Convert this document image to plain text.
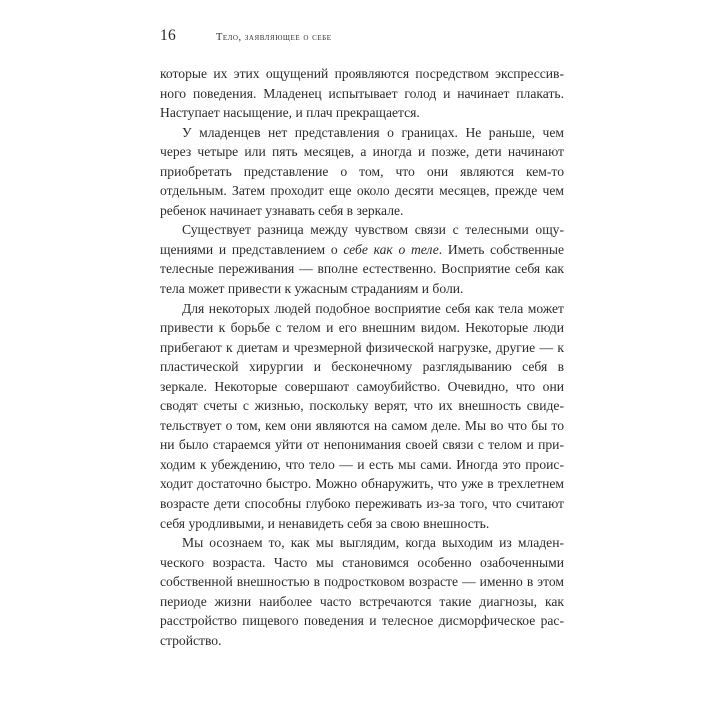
16	тело, заявляющее о себе

которые их этих ощущений проявляются посредством экспрессивного поведения. Младенец испытывает голод и начинает плакать. Наступает насыщение, и плач прекращается.

У младенцев нет представления о границах. Не раньше, чем через четыре или пять месяцев, а иногда и позже, дети начинают приобретать представление о том, что они являются кем-то отдельным. Затем проходит еще около десяти месяцев, прежде чем ребенок начинает узнавать себя в зеркале.

Существует разница между чувством связи с телесными ощущениями и представлением о себе как о теле. Иметь собственные телесные переживания — вполне естественно. Восприятие себя как тела может привести к ужасным страданиям и боли.

Для некоторых людей подобное восприятие себя как тела может привести к борьбе с телом и его внешним видом. Некоторые люди прибегают к диетам и чрезмерной физической нагрузке, другие — к пластической хирургии и бесконечному разглядыванию себя в зеркале. Некоторые совершают самоубийство. Очевидно, что они сводят счеты с жизнью, поскольку верят, что их внешность свидетельствует о том, кем они являются на самом деле. Мы во что бы то ни было стараемся уйти от непонимания своей связи с телом и приходим к убеждению, что тело — и есть мы сами. Иногда это происходит достаточно быстро. Можно обнаружить, что уже в трехлетнем возрасте дети способны глубоко переживать из-за того, что считают себя уродливыми, и ненавидеть себя за свою внешность.

Мы осознаем то, как мы выглядим, когда выходим из младенческого возраста. Часто мы становимся особенно озабоченными собственной внешностью в подростковом возрасте — именно в этом периоде жизни наиболее часто встречаются такие диагнозы, как расстройство пищевого поведения и телесное дисморфическое расстройство.
